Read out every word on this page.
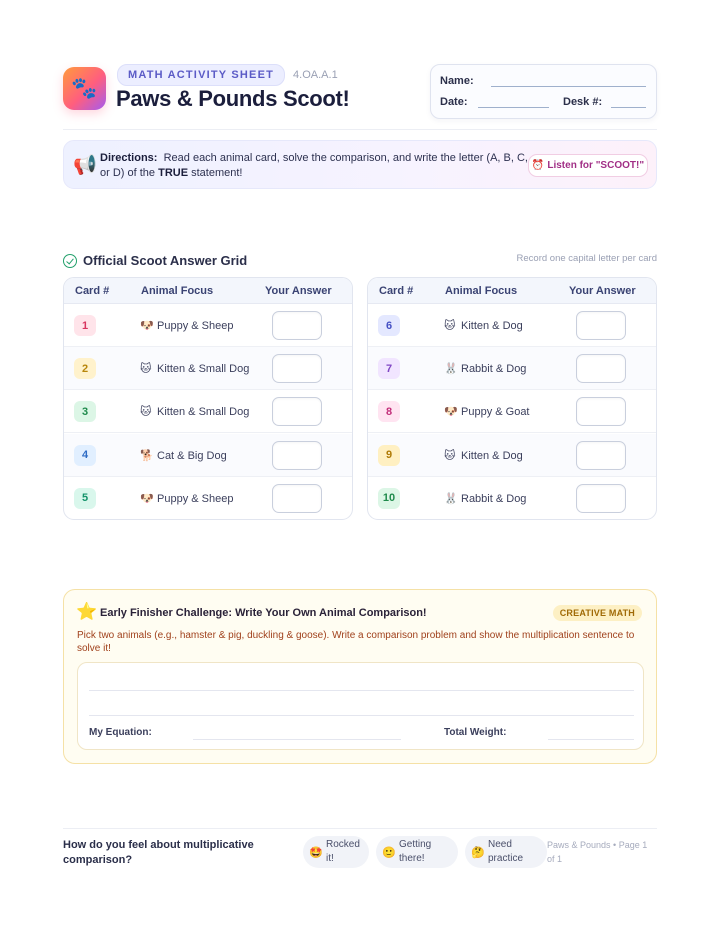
🐾
MATH ACTIVITY SHEET	4.OA.A.1
Paws & Pounds Scoot!
Name:
Date:	Desk #:
📢 Directions: Read each animal card, solve the comparison, and write the letter (A, B, C, or D) of the TRUE statement!
⏰ Listen for "SCOOT!"
Official Scoot Answer Grid	Record one capital letter per card
Card #	Animal Focus	Your Answer
1	🐶 Puppy & Sheep
2	🐱 Kitten & Small Dog
3	🐱 Kitten & Small Dog
4	🐕 Cat & Big Dog
5	🐶 Puppy & Sheep
Card #	Animal Focus	Your Answer
6	🐱 Kitten & Dog
7	🐰 Rabbit & Dog
8	🐶 Puppy & Goat
9	🐱 Kitten & Dog
10	🐰 Rabbit & Dog
⭐ Early Finisher Challenge: Write Your Own Animal Comparison!	CREATIVE MATH
Pick two animals (e.g., hamster & pig, duckling & goose). Write a comparison problem and show the multiplication sentence to solve it!
My Equation:	Total Weight:
How do you feel about multiplicative comparison?
🤩
Rocked it!	🙂
Getting there!	🤔
Need practice
Paws & Pounds • Page 1 of 1
